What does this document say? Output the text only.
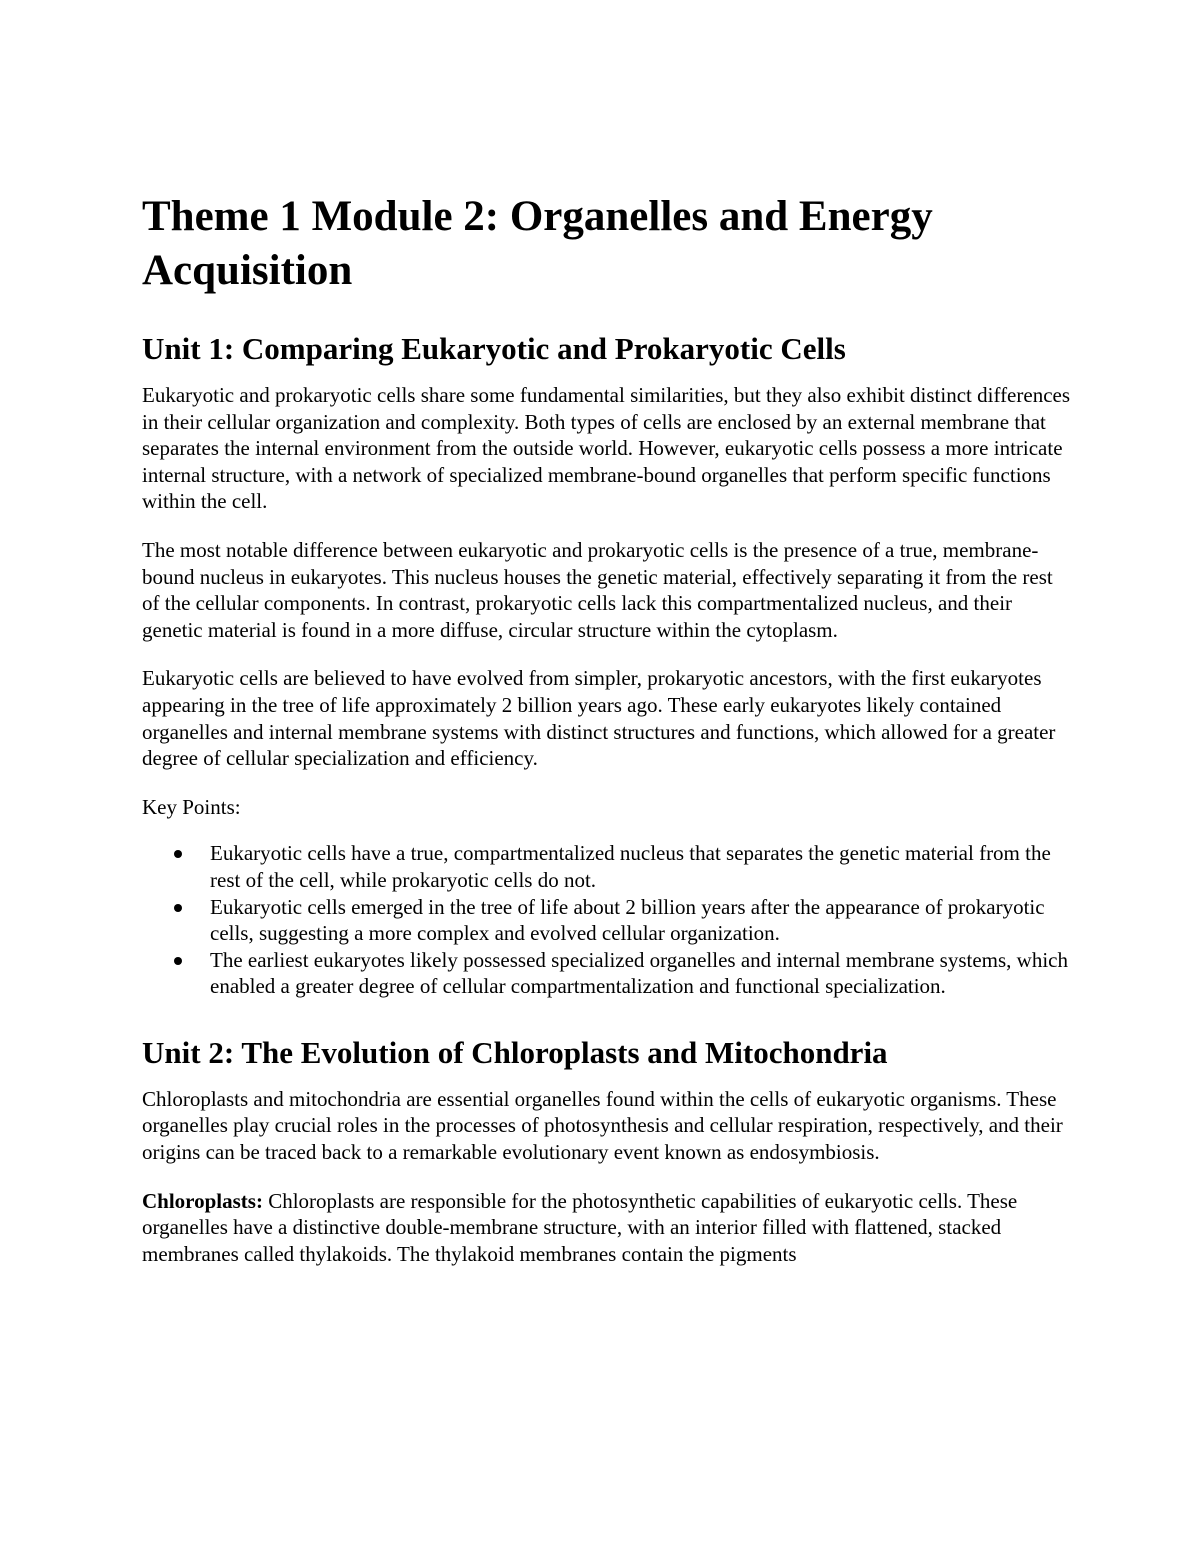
Theme 1 Module 2: Organelles and Energy Acquisition
Unit 1: Comparing Eukaryotic and Prokaryotic Cells

Eukaryotic and prokaryotic cells share some fundamental similarities, but they also exhibit distinct differences in their cellular organization and complexity. Both types of cells are enclosed by an external membrane that separates the internal environment from the outside world. However, eukaryotic cells possess a more intricate internal structure, with a network of specialized membrane-bound organelles that perform specific functions within the cell.

The most notable difference between eukaryotic and prokaryotic cells is the presence of a true, membrane-bound nucleus in eukaryotes. This nucleus houses the genetic material, effectively separating it from the rest of the cellular components. In contrast, prokaryotic cells lack this compartmentalized nucleus, and their genetic material is found in a more diffuse, circular structure within the cytoplasm.

Eukaryotic cells are believed to have evolved from simpler, prokaryotic ancestors, with the first eukaryotes appearing in the tree of life approximately 2 billion years ago. These early eukaryotes likely contained organelles and internal membrane systems with distinct structures and functions, which allowed for a greater degree of cellular specialization and efficiency.

Key Points:

Eukaryotic cells have a true, compartmentalized nucleus that separates the genetic material from the rest of the cell, while prokaryotic cells do not.
Eukaryotic cells emerged in the tree of life about 2 billion years after the appearance of prokaryotic cells, suggesting a more complex and evolved cellular organization.
The earliest eukaryotes likely possessed specialized organelles and internal membrane systems, which enabled a greater degree of cellular compartmentalization and functional specialization.
Unit 2: The Evolution of Chloroplasts and Mitochondria

Chloroplasts and mitochondria are essential organelles found within the cells of eukaryotic organisms. These organelles play crucial roles in the processes of photosynthesis and cellular respiration, respectively, and their origins can be traced back to a remarkable evolutionary event known as endosymbiosis.

Chloroplasts: Chloroplasts are responsible for the photosynthetic capabilities of eukaryotic cells. These organelles have a distinctive double-membrane structure, with an interior filled with flattened, stacked membranes called thylakoids. The thylakoid membranes contain the pigments
